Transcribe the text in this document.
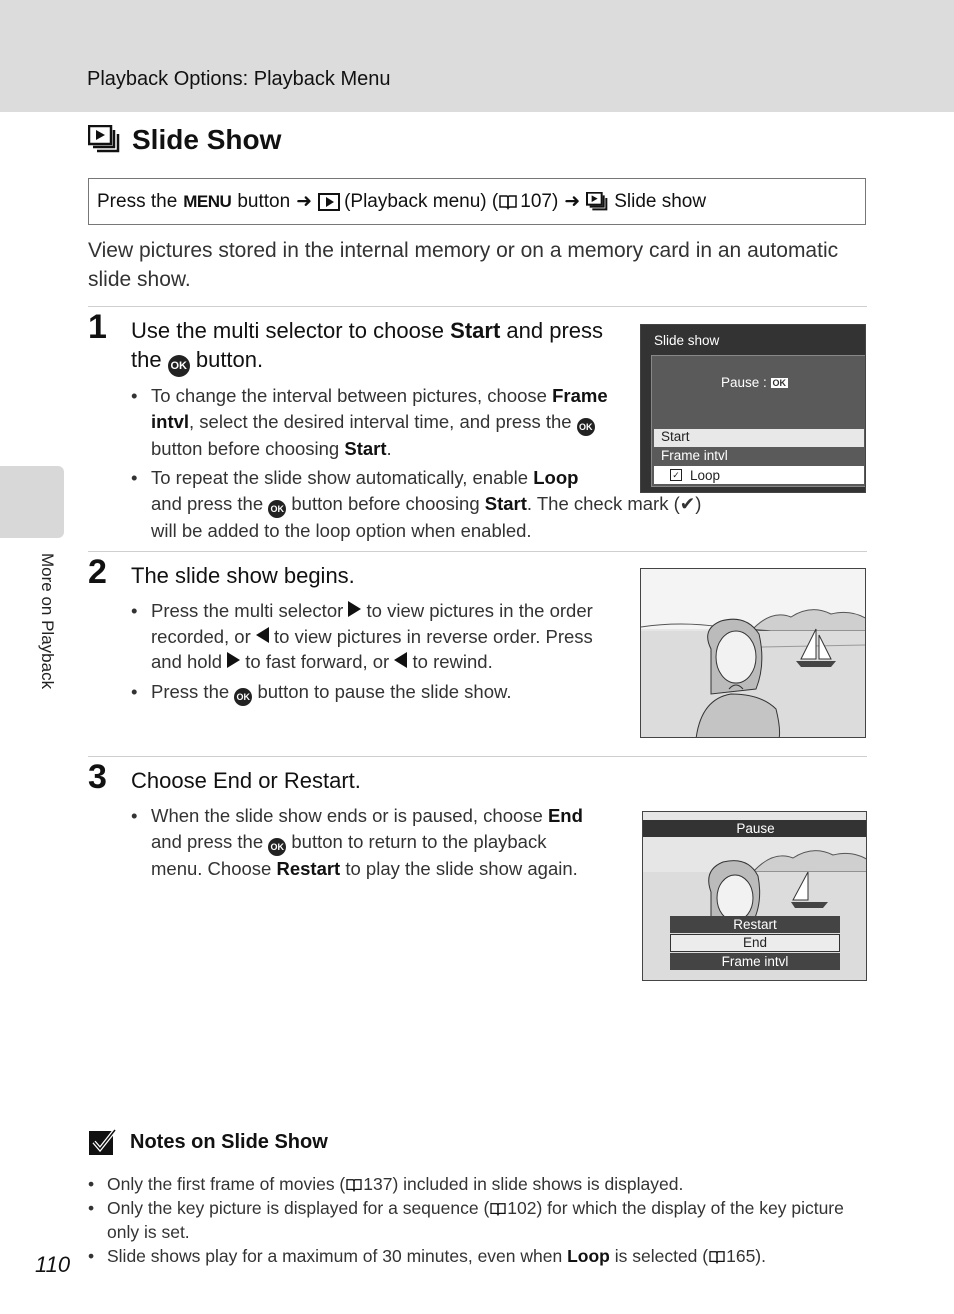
Playback Options: Playback Menu
More on Playback
Slide Show
Press the MENU button ➜ (Playback menu) ( 107) ➜ Slide show
View pictures stored in the internal memory or on a memory card in an automatic slide show.
1 Use the multi selector to choose Start and press the OK button.
• To change the interval between pictures, choose Frame intvl, select the desired interval time, and press the OK button before choosing Start.
• To repeat the slide show automatically, enable Loop
and press the OK button before choosing Start. The check mark (✔) will be added to the loop option when enabled.
Slide show
Pause : OK
Start
Frame intvl
✓ Loop
2 The slide show begins.
• Press the multi selector to view pictures in the order recorded, or to view pictures in reverse order. Press and hold to fast forward, or to rewind.
• Press the OK button to pause the slide show.
3 Choose End or Restart.
• When the slide show ends or is paused, choose End and press the OK button to return to the playback menu. Choose Restart to play the slide show again.
Pause
Restart
End
Frame intvl
Notes on Slide Show
• Only the first frame of movies ( 137) included in slide shows is displayed.
• Only the key picture is displayed for a sequence ( 102) for which the display of the key picture only is set.
• Slide shows play for a maximum of 30 minutes, even when Loop is selected ( 165).
110
